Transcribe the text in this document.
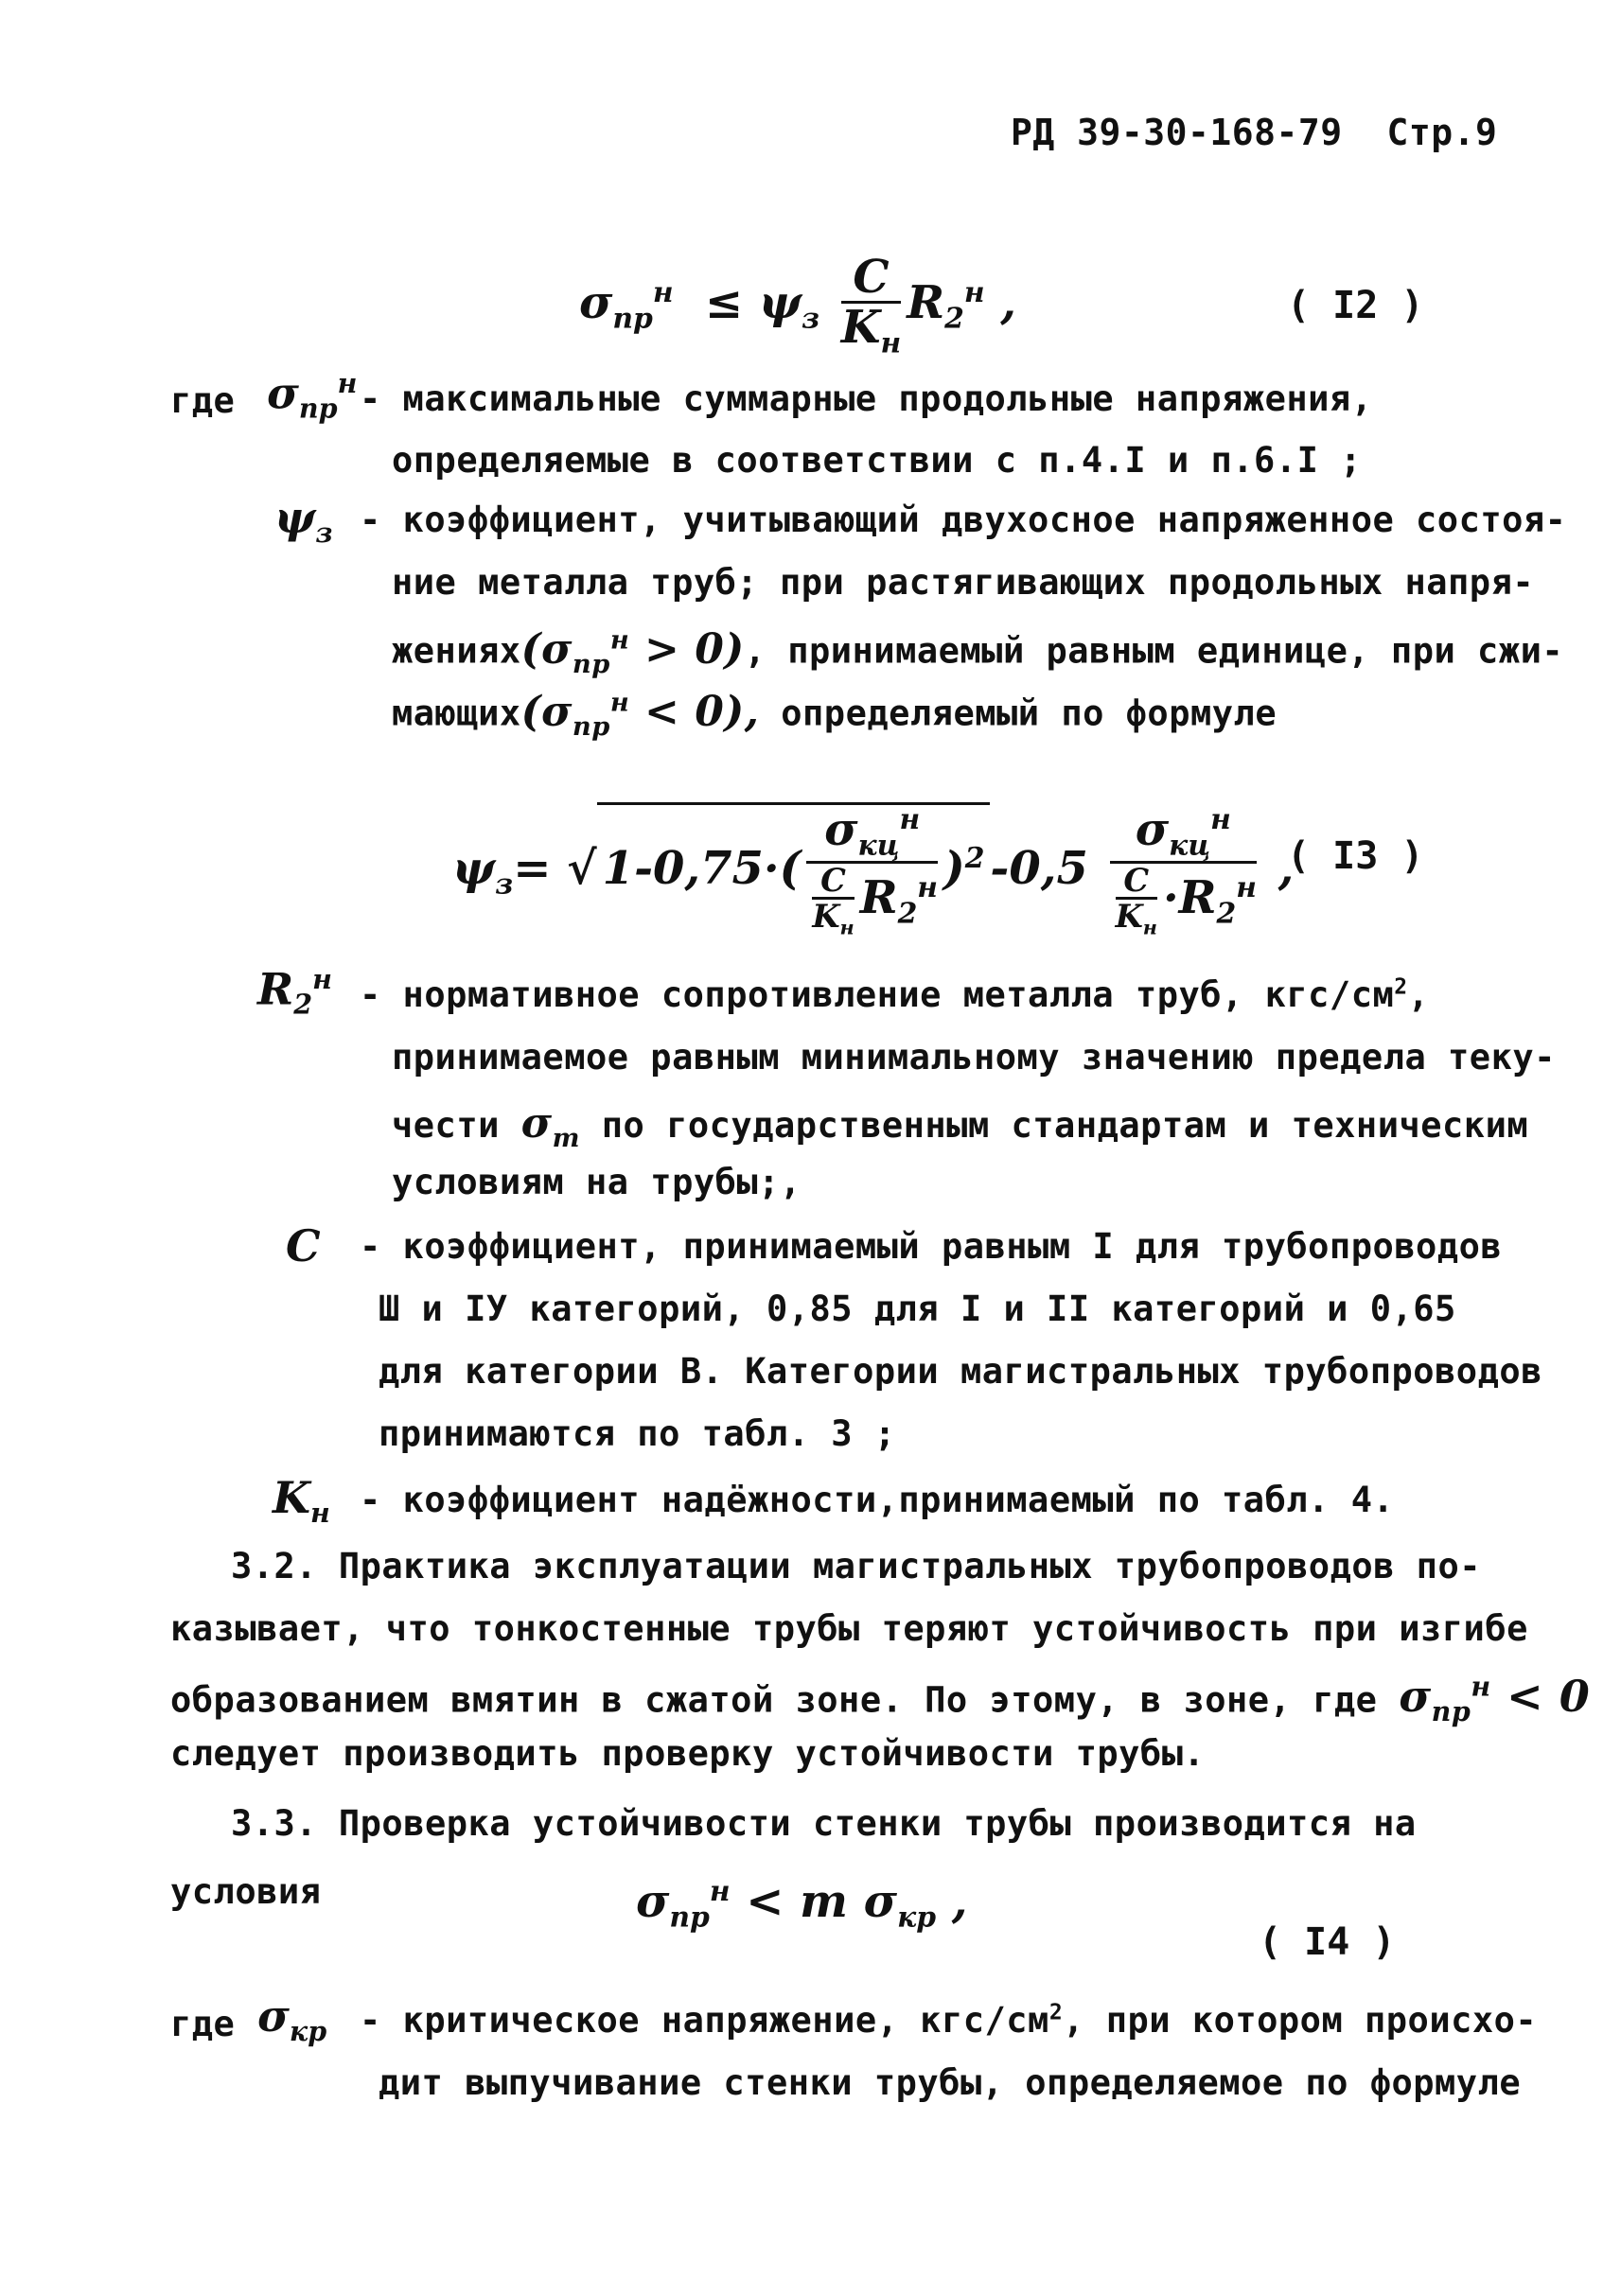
РД 39-30-168-79 Стр.9
$\sigma_{пр}^н \le \psi_з \frac{C}{K_н} R_2^н$ ,	( I2 )
где $\sigma_{пр}^н$ - максимальные суммарные продольные напряжения,
определяемые в соответствии с п.4.I и п.6.I ;
$\psi_з$ - коэффициент, учитывающий двухосное напряженное состоя-
ние металла труб; при растягивающих продольных напря-
$жениях(\sigma_{пр}^н > 0)$, принимаемый равным единице, при сжи-
$мающих(\sigma_{пр}^н < 0)$, определяемый по формуле
$\psi_з=$ √ $1-0,75\cdot( \frac{\sigma_{кц}^н}{\frac{C}{K_н} R_2^н} )^2$ $-0,5 \frac{\sigma_{кц}^н}{\frac{C}{K_н} \cdot R_2^н}$ ,
( I3 )
$R_2^н$ - нормативное сопротивление металла труб, кгс/$см^2$,
принимаемое равным минимальному значению предела теку-
чести $\sigma_т$ по государственным стандартам и техническим
условиям на трубы;,
C - коэффициент, принимаемый равным I для трубопроводов
Ш и IУ категорий, 0,85 для I и II категорий и 0,65
для категории В. Категории магистральных трубопроводов
принимаются по табл. 3 ;
$K_н$ - коэффициент надёжности,принимаемый по табл. 4.
3.2. Практика эксплуатации магистральных трубопроводов по-
казывает, что тонкостенные трубы теряют устойчивость при изгибе
образованием вмятин в сжатой зоне. По этому, в зоне, где $\sigma_{пр}^н < 0$
следует производить проверку устойчивости трубы.
3.3. Проверка устойчивости стенки трубы производится на
условия	$\sigma_{пр}^н < m$ $\sigma_{кр}$ ,
( I4 )
где $\sigma_{кр}$ - критическое напряжение, кгс/$см^2$, при котором происхо-
дит выпучивание стенки трубы, определяемое по формуле
